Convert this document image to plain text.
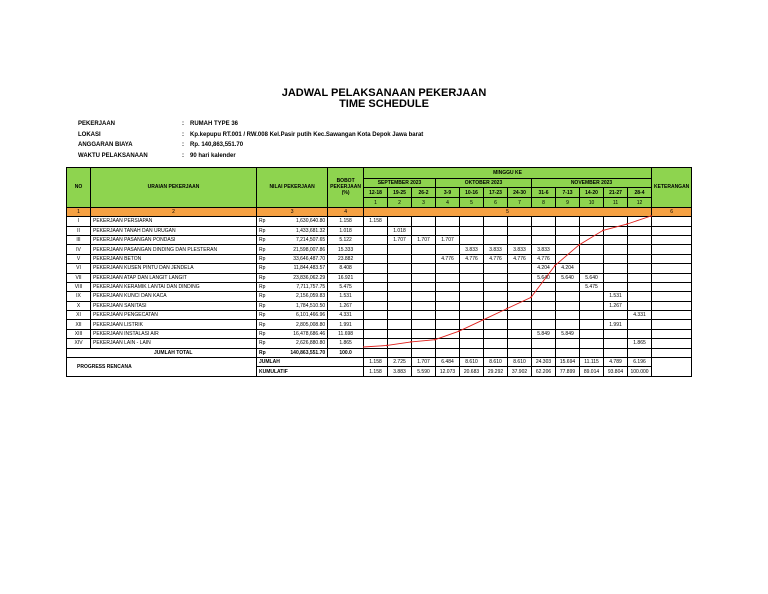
JADWAL PELAKSANAAN PEKERJAAN
TIME SCHEDULE
PEKERJAAN	:	RUMAH TYPE 36
LOKASI	:	Kp.kepupu RT.001 / RW.008 Kel.Pasir putih Kec.Sawangan Kota Depok Jawa barat
ANGGARAN BIAYA	:	Rp. 140,863,551.70
WAKTU PELAKSANAAN	:	90 hari kalender
NO	URAIAN PEKERJAAN	NILAI PEKERJAAN		BOBOT PEKERJAAN (%)	MINGGU KE												KETERANGAN
					SEPTEMBER 2023			OKTOBER 2023				NOVEMBER 2023					
					12-18	19-25	26-2	3-9	10-16	17-23	24-30	31-6	7-13	14-20	21-27	28-4	
					1	2	3	4	5	6	7	8	9	10	11	12	
1	2	3		4	5												6
I	PEKERJAAN PERSIAPAN	Rp	1,630,640.80	1.158	1.158												
II	PEKERJAAN TANAH DAN URUGAN	Rp	1,433,681.32	1.018		1.018											
III	PEKERJAAN PASANGAN PONDASI	Rp	7,214,507.65	5.122		1.707	1.707	1.707									
IV	PEKERJAAN PASANGAN DINDING DAN PLESTERAN	Rp	21,598,007.86	15.333					3.833	3.833	3.833	3.833					
V	PEKERJAAN BETON	Rp	33,646,487.70	23.882				4.776	4.776	4.776	4.776	4.776					
VI	PEKERJAAN KUSEN PINTU DAN JENDELA	Rp	11,844,483.57	8.408								4.204	4.204				
VII	PEKERJAAN ATAP DAN LANGIT LANGIT	Rp	23,836,062.29	16.921								5.640	5.640	5.640			
VIII	PEKERJAAN KERAMIK LANTAI DAN DINDING	Rp	7,711,757.75	5.475										5.475			
IX	PEKERJAAN KUNCI DAN KACA	Rp	2,156,059.83	1.531											1.531		
X	PEKERJAAN SANITASI	Rp	1,784,510.50	1.267											1.267		
XI	PEKERJAAN PENGECATAN	Rp	6,101,466.96	4.331												4.331	
XII	PEKERJAAN LISTRIK	Rp	2,805,008.80	1.991											1.991		
XIII	PEKERJAAN INSTALASI AIR	Rp	16,478,686.46	11.698								5.849	5.849				
XIV	PEKERJAAN LAIN - LAIN	Rp	2,626,880.80	1.865												1.865	
	JUMLAH TOTAL	Rp	140,863,551.70	100.0													
PROGRESS RENCANA		JUMLAH			1.158	2.725	1.707	6.484	8.610	8.610	8.610	24.303	15.694	11.115	4.789	6.196	
		KUMULATIF			1.158	3.883	5.590	12.073	20.683	29.292	37.902	62.206	77.899	89.014	93.804	100.000	
